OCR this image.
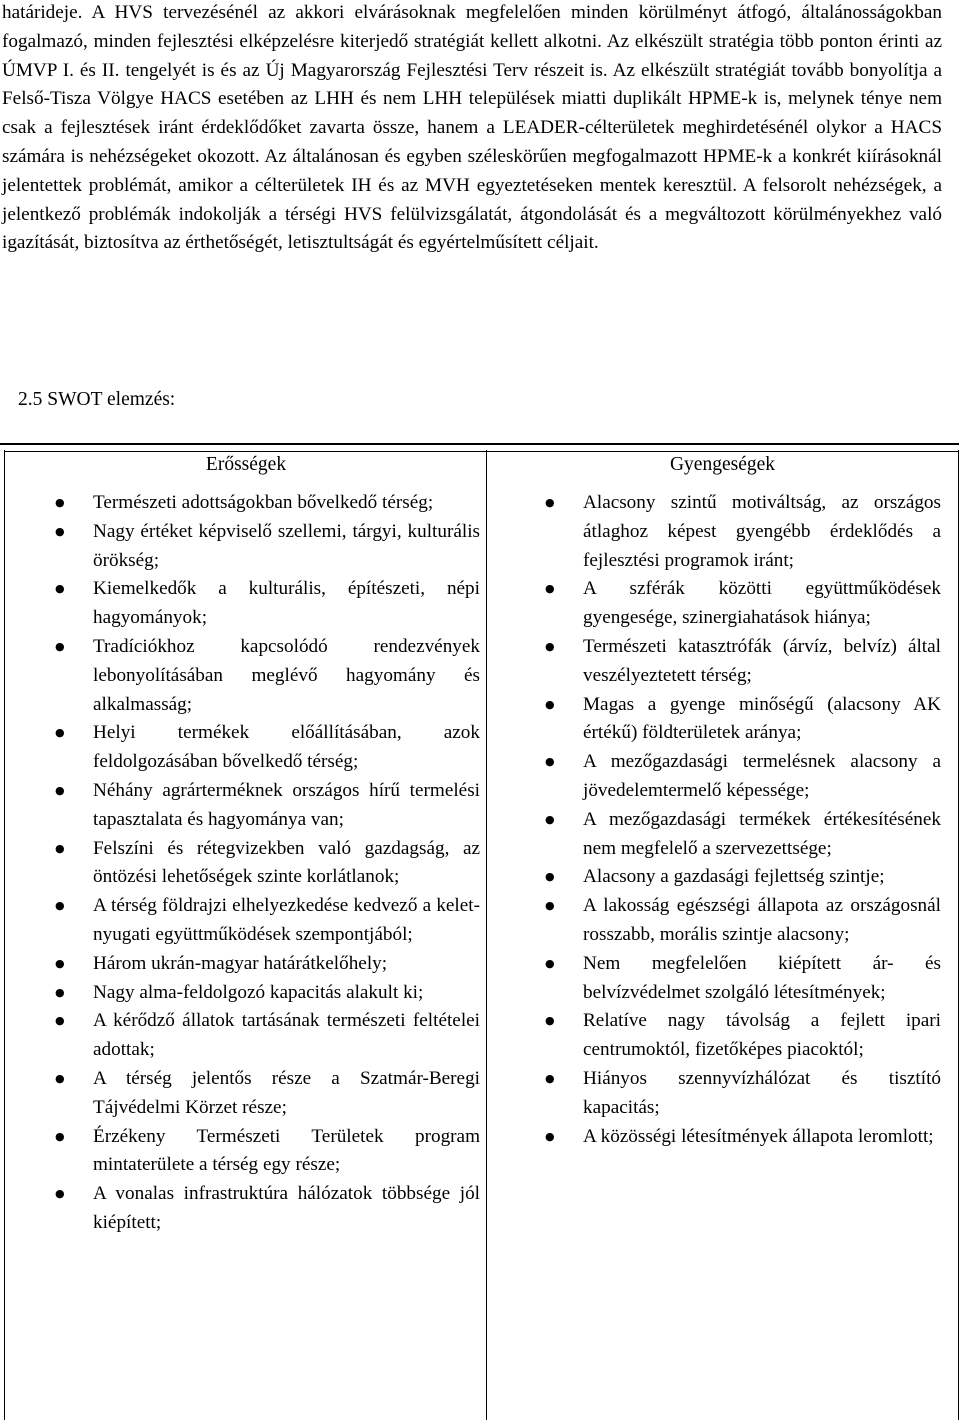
határideje. A HVS tervezésénél az akkori elvárásoknak megfelelően minden körülményt átfogó, általánosságokban fogalmazó, minden fejlesztési elképzelésre kiterjedő stratégiát kellett alkotni. Az elkészült stratégia több ponton érinti az ÚMVP I. és II. tengelyét is és az Új Magyarország Fejlesztési Terv részeit is. Az elkészült stratégiát tovább bonyolítja a Felső-Tisza Völgye HACS esetében az LHH és nem LHH települések miatti duplikált HPME-k is, melynek ténye nem csak a fejlesztések iránt érdeklődőket zavarta össze, hanem a LEADER-célterületek meghirdetésénél olykor a HACS számára is nehézségeket okozott. Az általánosan és egyben széleskörűen megfogalmazott HPME-k a konkrét kiírásoknál jelentettek problémát, amikor a célterületek IH és az MVH egyeztetéseken mentek keresztül. A felsorolt nehézségek, a jelentkező problémák indokolják a térségi HVS felülvizsgálatát, átgondolását és a megváltozott körülményekhez való igazítását, biztosítva az érthetőségét, letisztultságát és egyértelműsített céljait.

2.5 SWOT elemzés:
Erősségek	Gyengeségek
● Természeti adottságokban bővelkedő térség;
● Nagy értéket képviselő szellemi, tárgyi, kulturális örökség;
● Kiemelkedők a kulturális, építészeti, népi hagyományok;
● Tradíciókhoz kapcsolódó rendezvények lebonyolításában meglévő hagyomány és alkalmasság;
● Helyi termékek előállításában, azok feldolgozásában bővelkedő térség;
● Néhány agrárterméknek országos hírű termelési tapasztalata és hagyománya van;
● Felszíni és rétegvizekben való gazdagság, az öntözési lehetőségek szinte korlátlanok;
● A térség földrajzi elhelyezkedése kedvező a kelet-nyugati együttműködések szempontjából;
● Három ukrán-magyar határátkelőhely;
● Nagy alma-feldolgozó kapacitás alakult ki;
● A kérődző állatok tartásának természeti feltételei adottak;
● A térség jelentős része a Szatmár-Beregi Tájvédelmi Körzet része;
● Érzékeny Természeti Területek program mintaterülete a térség egy része;
● A vonalas infrastruktúra hálózatok többsége jól kiépített;
● Alacsony szintű motiváltság, az országos átlaghoz képest gyengébb érdeklődés a fejlesztési programok iránt;
● A szférák közötti együttműködések gyengesége, szinergiahatások hiánya;
● Természeti katasztrófák (árvíz, belvíz) által veszélyeztetett térség;
● Magas a gyenge minőségű (alacsony AK értékű) földterületek aránya;
● A mezőgazdasági termelésnek alacsony a jövedelemtermelő képessége;
● A mezőgazdasági termékek értékesítésének nem megfelelő a szervezettsége;
● Alacsony a gazdasági fejlettség szintje;
● A lakosság egészségi állapota az országosnál rosszabb, morális szintje alacsony;
● Nem megfelelően kiépített ár- és belvízvédelmet szolgáló létesítmények;
● Relatíve nagy távolság a fejlett ipari centrumoktól, fizetőképes piacoktól;
● Hiányos szennyvízhálózat és tisztító kapacitás;
● A közösségi létesítmények állapota leromlott;
